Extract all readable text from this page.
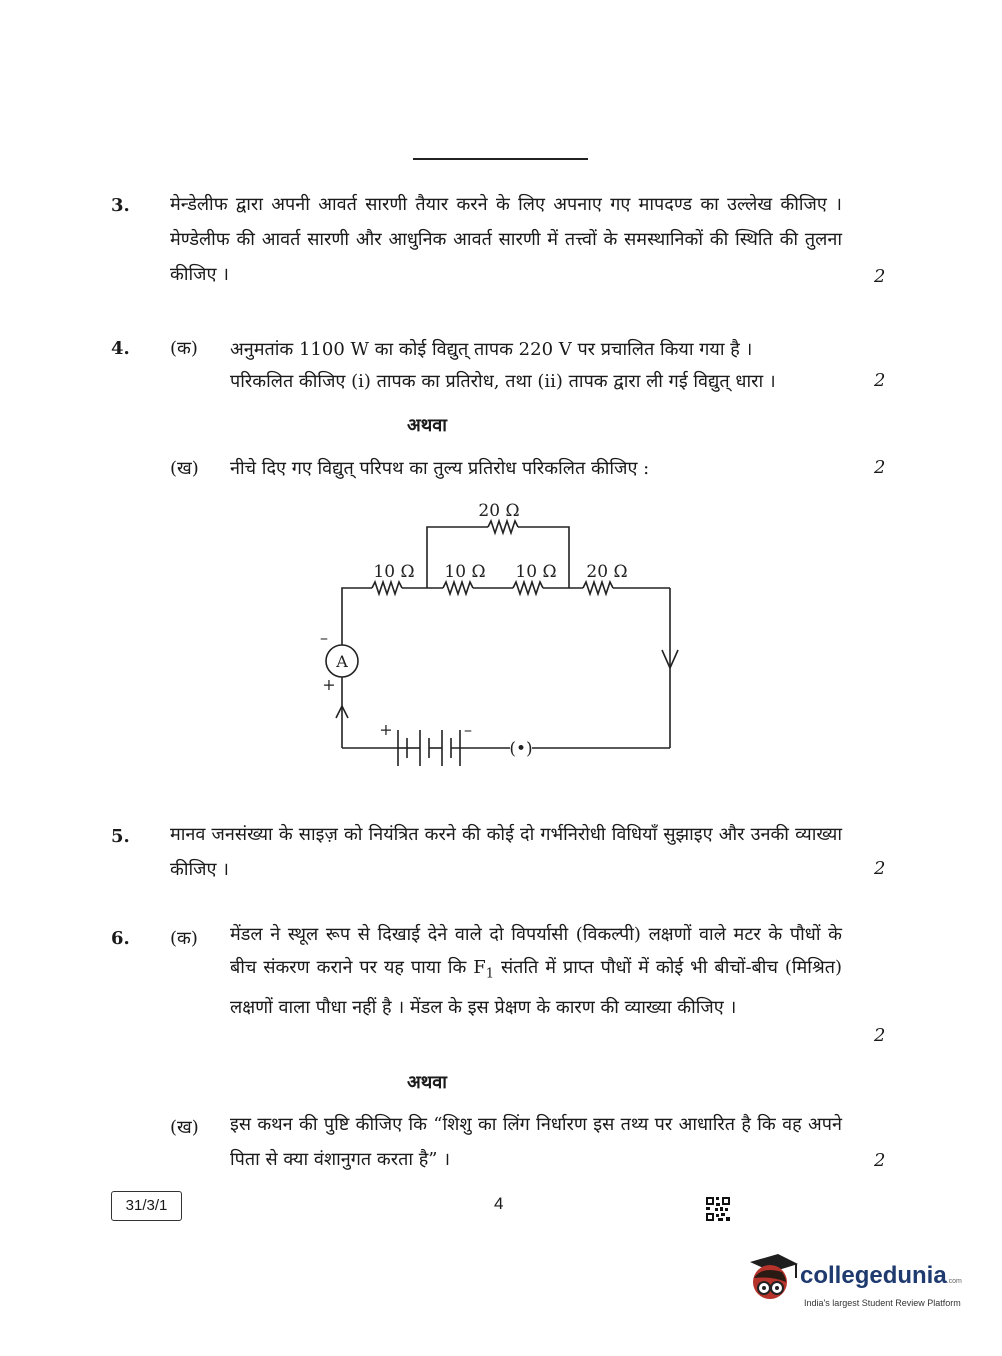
3. मेन्डेलीफ द्वारा अपनी आवर्त सारणी तैयार करने के लिए अपनाए गए मापदण्ड का उल्लेख कीजिए । मेण्डेलीफ की आवर्त सारणी और आधुनिक आवर्त सारणी में तत्त्वों के समस्थानिकों की स्थिति की तुलना कीजिए ।	2
4. (क) अनुमतांक 1100 W का कोई विद्युत् तापक 220 V पर प्रचालित किया गया है ।
परिकलित कीजिए (i) तापक का प्रतिरोध, तथा (ii) तापक द्वारा ली गई विद्युत् धारा ।	2
अथवा
(ख) नीचे दिए गए विद्युत् परिपथ का तुल्य प्रतिरोध परिकलित कीजिए :	2
20 Ω
10 Ω 10 Ω 10 Ω 20 Ω
A
–
+
+	–
(•)
5. मानव जनसंख्या के साइज़ को नियंत्रित करने की कोई दो गर्भनिरोधी विधियाँ सुझाइए और उनकी व्याख्या कीजिए ।	2
6. (क) मेंडल ने स्थूल रूप से दिखाई देने वाले दो विपर्यासी (विकल्पी) लक्षणों वाले मटर के पौधों के बीच संकरण कराने पर यह पाया कि $F_1$ संतति में प्राप्त पौधों में कोई भी बीचों-बीच (मिश्रित) लक्षणों वाला पौधा नहीं है । मेंडल के इस प्रेक्षण के कारण की व्याख्या कीजिए ।
2
अथवा
(ख) इस कथन की पुष्टि कीजिए कि “शिशु का लिंग निर्धारण इस तथ्य पर आधारित है कि वह अपने पिता से क्या वंशानुगत करता है” ।	2
31/3/1	4
collegedunia.com
India's largest Student Review Platform
